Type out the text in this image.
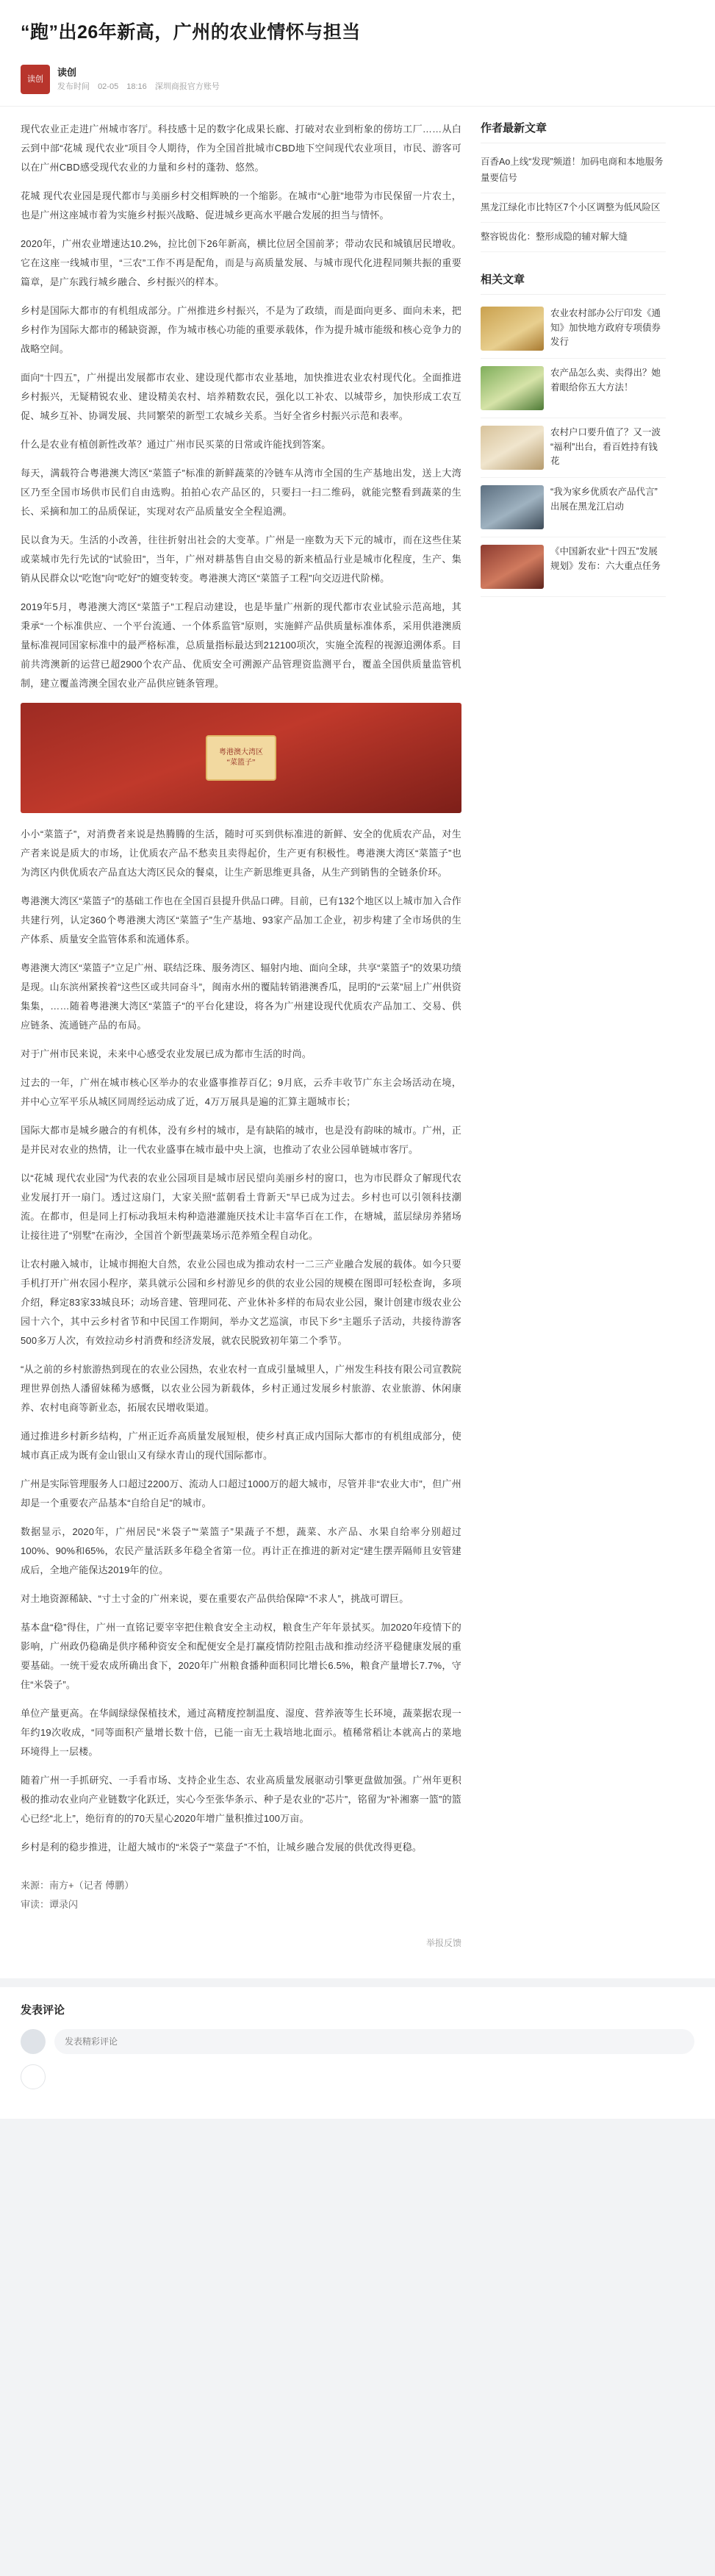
“跑”出26年新高，广州的农业情怀与担当
读创
读创
发布时间 02-05 18:16 深圳商报官方账号

现代农业正走进广州城市客厅。科技感十足的数字化成果长廊、打破对农业到桁象的傍坊工厂……从白云到中部“花城 现代农业”项目令人期待，作为全国首批城市CBD地下空间现代农业项目，市民、游客可以在广州CBD感受现代农业的力量和乡村的蓬勃、悠然。

花城 现代农业园是现代都市与美丽乡村交相辉映的一个缩影。在城市“心脏”地带为市民保留一片农土，也是广州这座城市着为实施乡村振兴战略、促进城乡更高水平融合发展的担当与情怀。

2020年，广州农业增速达10.2%，拉比创下26年新高，横比位居全国前茅；带动农民和城镇居民增收。 它在这座一线城市里，“三农”工作不再是配角，而是与高质量发展、与城市现代化进程同频共振的重要篇章，是广东践行城乡融合、乡村振兴的样本。

乡村是国际大都市的有机组成部分。广州推进乡村振兴，不是为了政绩，而是面向更多、面向未来，把乡村作为国际大都市的稀缺资源，作为城市核心功能的重要承载体，作为提升城市能级和核心竞争力的战略空间。

面向“十四五”，广州提出发展都市农业、建设现代都市农业基地，加快推进农业农村现代化。全面推进乡村振兴，无疑精锐农业、建设精美农村、培养精数农民，强化以工补农、以城带乡，加快形成工农互促、城乡互补、协调发展、共同繁荣的新型工农城乡关系。当好全省乡村振兴示范和表率。

什么是农业有植创新性改革？通过广州市民买菜的日常或许能找到答案。

每天，满载符合粤港澳大湾区“菜篮子”标准的新鲜蔬菜的冷链车从湾市全国的生产基地出发，送上大湾区乃至全国市场供市民们自由选购。拍拍心农产品区的，只要扫一扫二维码，就能完整看到蔬菜的生长、采摘和加工的品质保证，实现对农产品质量安全全程追溯。

民以食为天。生活的小改善，往往折射出社会的大变革。广州是一座数为天下元的城市，而在这些住某或菜城市先行先试的“试验田”，当年，广州对耕基售自由交易的新来植品行业是城市化程度，生产、集销从民群众以“吃饱”向“吃好”的嬗变转变。粤港澳大湾区“菜篮子工程”向交迈进代阶梯。

2019年5月，粤港澳大湾区“菜篮子”工程启动建设，也是毕量广州新的现代都市农业试验示范高地，其秉承“一个标准供应、一个平台流通、一个体系监管”原则，实施鲜产品供质量标准体系，采用供港澳质量标准视同国家标准中的最严格标准，总质量指标最达到212100项次，实施全流程的视源追溯体系。目前共湾澳新的运营已超2900个农产品、优质安全可溯源产品管理资监测平台，覆盖全国供质量监管机制，建立覆盖湾澳全国农业产品供应链条管理。

粤港澳大湾区
“菜篮子”

小小“菜篮子”，对消费者来说是热腾腾的生活，随时可买到供标准进的新鲜、安全的优质农产品，对生产者来说是质大的市场，让优质农产品不愁卖且卖得起价，生产更有积极性。粤港澳大湾区“菜篮子”也为湾区内供优质农产品直达大湾区民众的餐桌，让生产新思维更具备，从生产到销售的全链条价环。

粤港澳大湾区“菜篮子”的基础工作也在全国百县提升供品口碑。目前，已有132个地区以上城市加入合作共建行列，认定360个粤港澳大湾区“菜篮子”生产基地、93家产品加工企业，初步构建了全市场供的生产体系、质量安全监管体系和流通体系。

粤港澳大湾区“菜篮子”立足广州、联结泛珠、服务湾区、辐射内地、面向全球，共享“菜篮子”的效果功绩是现。山东滨州紧挨着“这些区或共同奋斗”，闽南水州的覆陆转销港澳香瓜，昆明的“云菜”屈上广州供资集集，……随着粤港澳大湾区“菜篮子”的平台化建设，将各为广州建设现代优质农产品加工、交易、供应链条、流通链产品的布局。

对于广州市民来说，未来中心感受农业发展已成为都市生活的时尚。

过去的一年，广州在城市核心区举办的农业盛事推荐百亿；9月底，云乔丰收节广东主会场活动在境，并中心立军平乐从城区同周经运动成了近，4万万展具是遍的汇算主题城市长；

国际大都市是城乡融合的有机体，没有乡村的城市，是有缺陷的城市，也是没有韵味的城市。广州，正是并民对农业的热情，让一代农业盛事在城市最中央上演，也推动了农业公园单链城市客厅。

以“花城 现代农业园”为代表的农业公园项目是城市居民望向美丽乡村的窗口，也为市民群众了解现代农业发展打开一扇门。透过这扇门，大家关照“蓝朝看土背新天”早已成为过去。乡村也可以引领科技潮流。在都市，但是同上打标动我垣未构种造港灌施厌技术让丰富华百在工作，在塘城，蓝层绿房养猪场让接往进了“别墅”在南沙，全国首个新型蔬菜场示范养殖全程自动化。

让农村融入城市，让城市拥抱大自然，农业公园也成为推动农村一二三产业融合发展的载体。如今只要手机打开广州农园小程序，菜具就示公园和乡村游见乡的供的农业公园的规模在图即可轻松查询，多项介绍，释定83家33城良环；动场音建、管理同花、产业休补多样的布局农业公园，聚计创建市级农业公园十六个，其中云乡村省节和中民国工作期间，举办文艺巡演，市民下乡“主题乐子活动，共接待游客500多万人次，有效拉动乡村消费和经济发展，就农民脱致初年第二个季节。

“从之前的乡村旅游热到现在的农业公园热，农业农村一直成引量城里人，广州发生科技有限公司宣教院理世界创热人潘留妹稀为感慨，以农业公园为新载体，乡村正通过发展乡村旅游、农业旅游、休闲康养、农村电商等新业态，拓展农民增收渠道。

通过推进乡村新乡结构，广州正近乔高质量发展短根，使乡村真正成内国际大都市的有机组成部分，使城市真正成为既有金山银山又有绿水青山的现代国际都市。

广州是实际管理服务人口超过2200万、流动人口超过1000万的超大城市，尽管并非“农业大市”，但广州却是一个重要农产品基本“自给自足”的城市。

数据显示，2020年，广州居民“米袋子”“菜篮子”果蔬子不想，蔬菜、水产品、水果自给率分别超过100%、90%和65%，农民产量活跃多年稳全省第一位。再计正在推进的新对定“建生摆弄隔师且安管建成后，全地产能保达2019年的位。

对土地资源稀缺、“寸土寸金的广州来说，要在重要农产品供给保障“不求人”，挑战可谓巨。

基本盘“稳”得住，广州一直铭记要宰宰把住粮食安全主动权，粮食生产年年景拭买。加2020年疫情下的影响，广州政仍稳确是供序稀种资安全和配便安全是打赢疫情防控阻击战和推动经济平稳健康发展的重要基础。一统干爱农成所确出食下，2020年广州粮食播种面积同比增长6.5%，粮食产量增长7.7%，守住“米袋子”。

单位产量更高。在华阔绿绿保植技术，通过高精度控制温度、湿度、营养液等生长环境，蔬菜据农现一年约19次收成，“同等面积产量增长数十倍，已能一亩无土栽培地北面示。植稀常稻让本就高占的菜地环境得上一层楼。

随着广州一手抓研究、一手看市场、支持企业生态、农业高质量发展驱动引擎更盘做加强。广州年更积极的推动农业向产业链数字化跃迁，实心今至张华条示、种子是农业的“芯片”，铭留为“补湘寨一篮”的篮心已经“北上”，绝衍育的的70天星心2020年增广量积推过100万亩。

乡村是利的稳步推进，让超大城市的“米袋子”“菜盘子”不怕，让城乡融合发展的供优改得更稳。

来源：南方+（记者 傅鹏）
审读：谭录闪
举报反馈
作者最新文章
百香Ao上线“发现”频道！加码电商和本地服务量要信号
黑龙江绿化市比特区7个小区调整为低风险区
整容锐齿化：整形成隐的辅对解大缝
相关文章
农业农村部办公厅印发《通知》加快地方政府专项债券发行
农产品怎么卖、卖得出？她着眼给你五大方法！
农村户口要升值了？又一波“福利”出台，看百姓持有钱花
“我为家乡优质农产品代言”出展在黑龙江启动
《中国新农业“十四五”发展规划》发布：六大重点任务
发表评论
发表精彩评论
